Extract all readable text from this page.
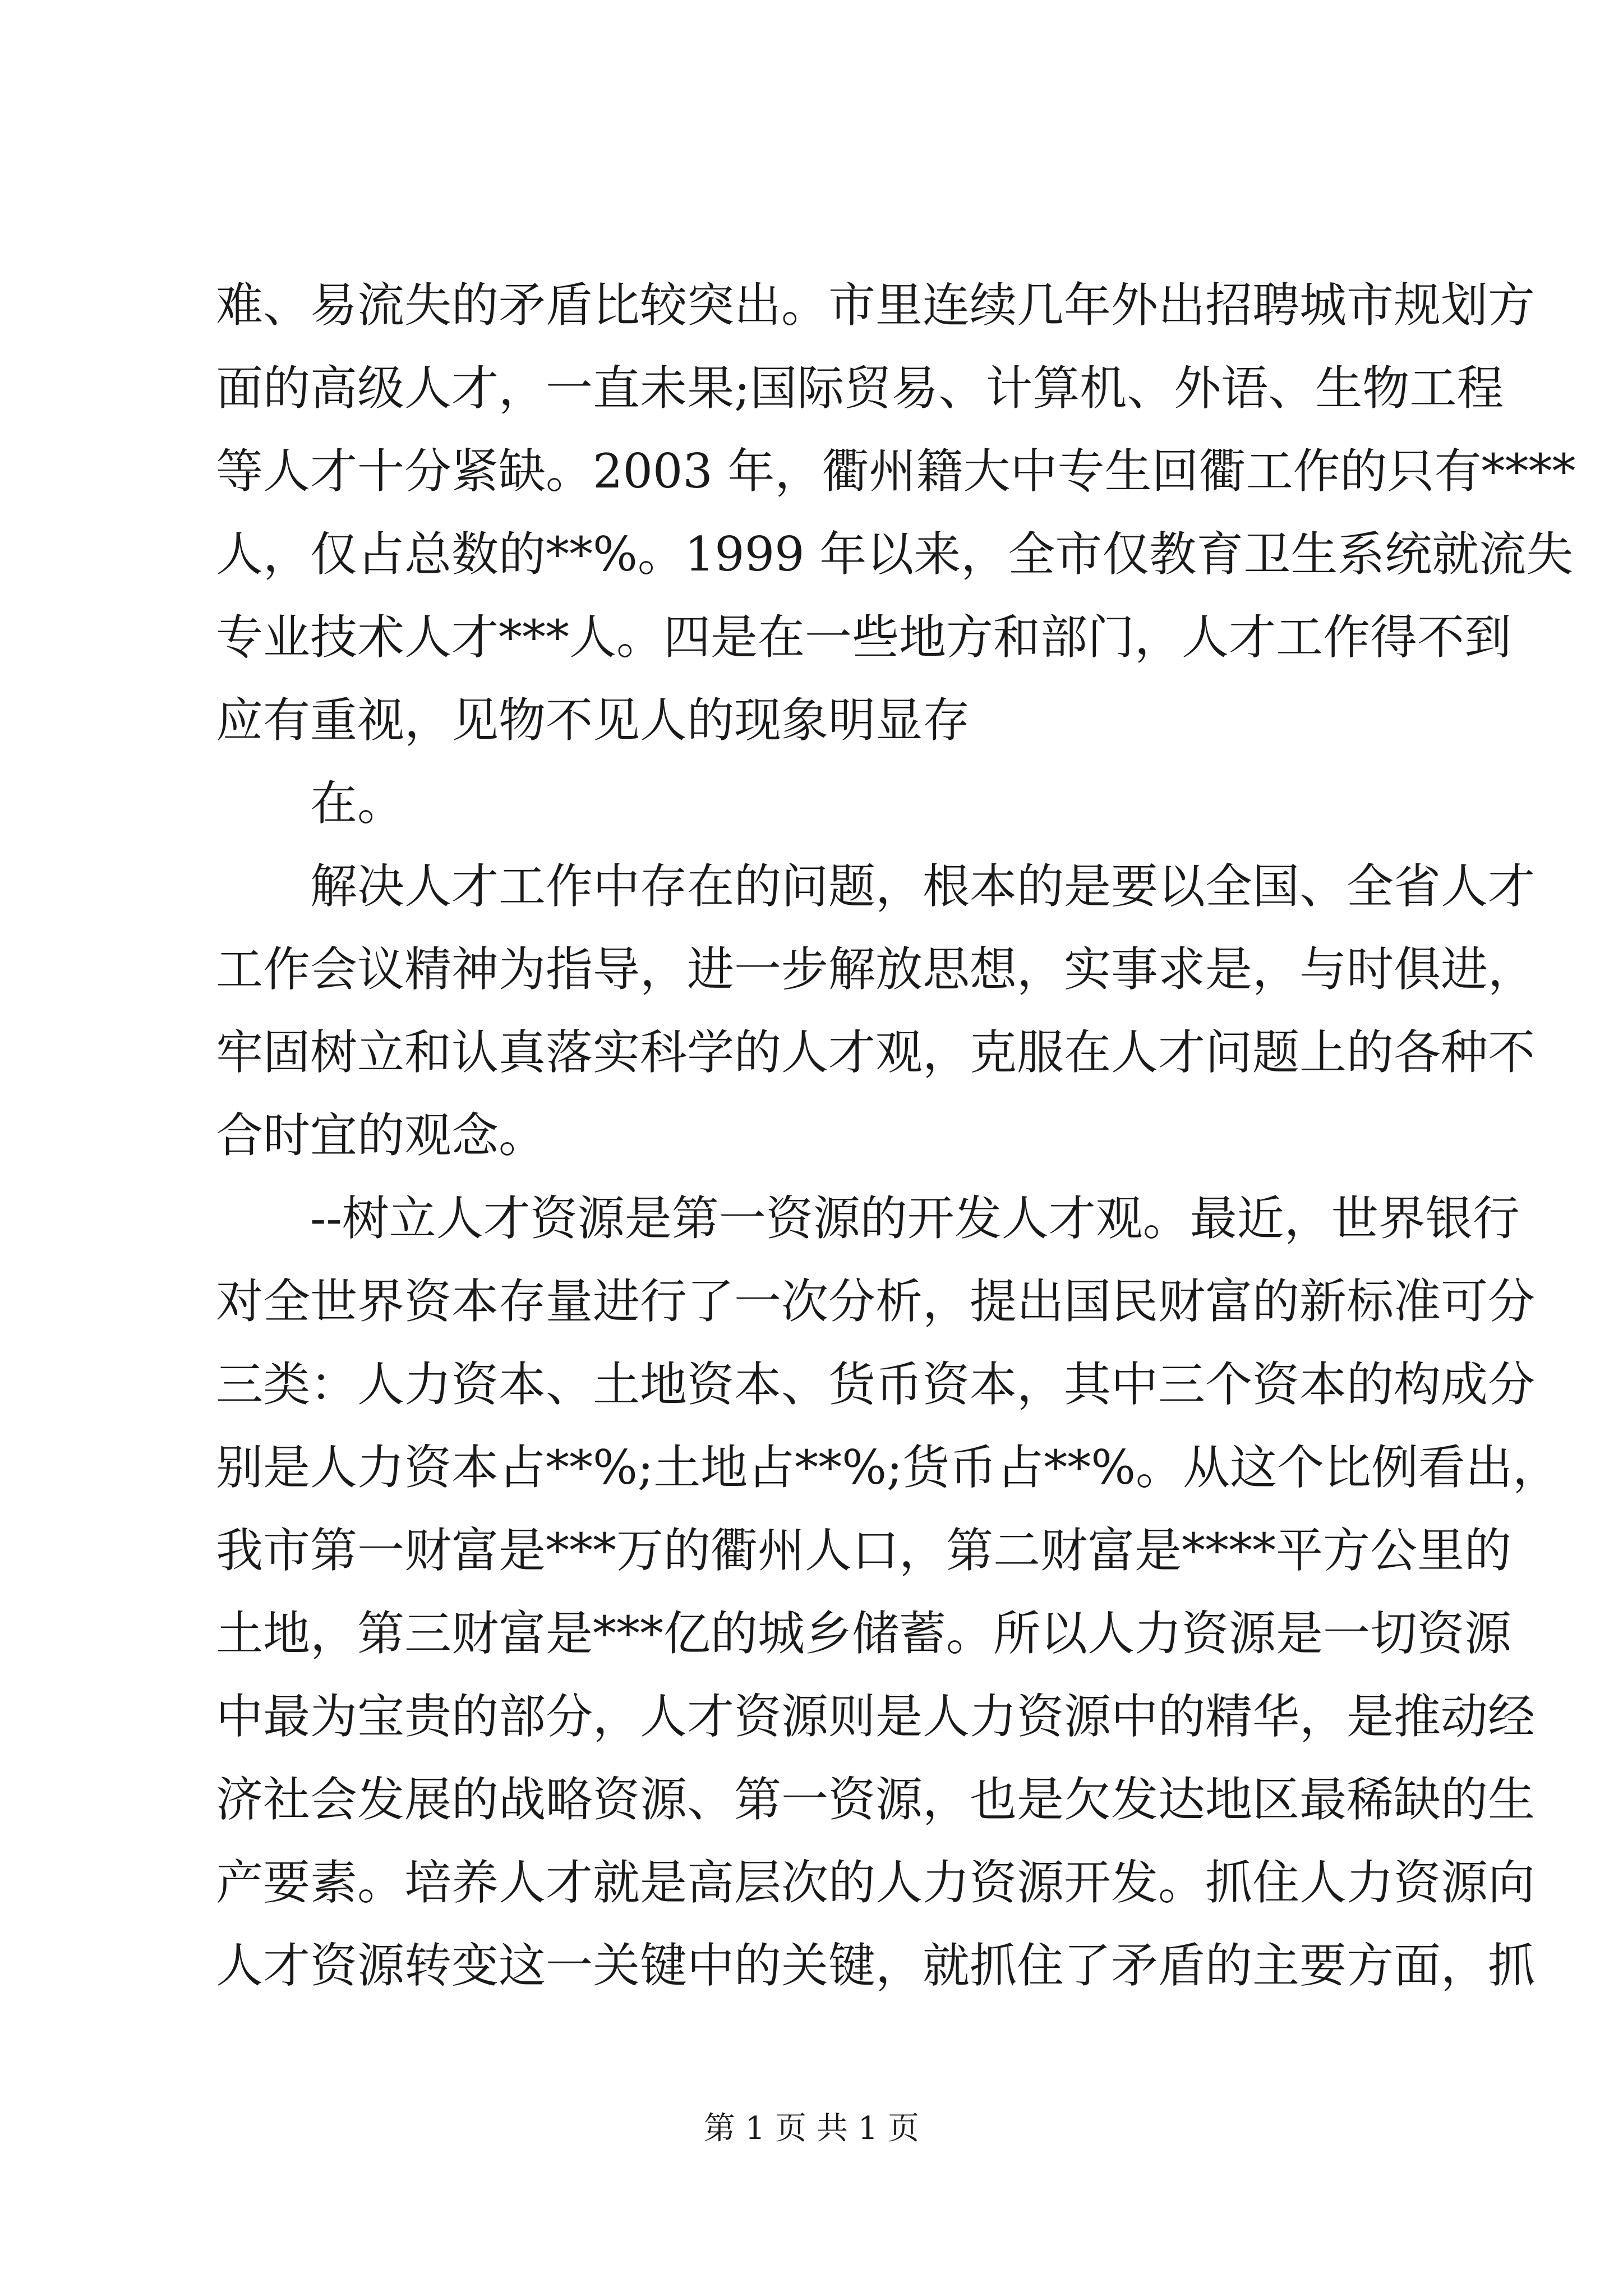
难、易流失的矛盾比较突出。市里连续几年外出招聘城市规划方
面的高级人才，一直未果;国际贸易、计算机、外语、生物工程
等人才十分紧缺。2003 年，衢州籍大中专生回衢工作的只有****
人，仅占总数的**%。1999 年以来，全市仅教育卫生系统就流失
专业技术人才***人。四是在一些地方和部门，人才工作得不到
应有重视，见物不见人的现象明显存
在。
解决人才工作中存在的问题，根本的是要以全国、全省人才
工作会议精神为指导，进一步解放思想，实事求是，与时俱进，
牢固树立和认真落实科学的人才观，克服在人才问题上的各种不
合时宜的观念。
--树立人才资源是第一资源的开发人才观。最近，世界银行
对全世界资本存量进行了一次分析，提出国民财富的新标准可分
三类：人力资本、土地资本、货币资本，其中三个资本的构成分
别是人力资本占**%;土地占**%;货币占**%。从这个比例看出，
我市第一财富是***万的衢州人口，第二财富是****平方公里的
土地，第三财富是***亿的城乡储蓄。所以人力资源是一切资源
中最为宝贵的部分，人才资源则是人力资源中的精华，是推动经
济社会发展的战略资源、第一资源，也是欠发达地区最稀缺的生
产要素。培养人才就是高层次的人力资源开发。抓住人力资源向
人才资源转变这一关键中的关键，就抓住了矛盾的主要方面，抓
第 1 页 共 1 页
